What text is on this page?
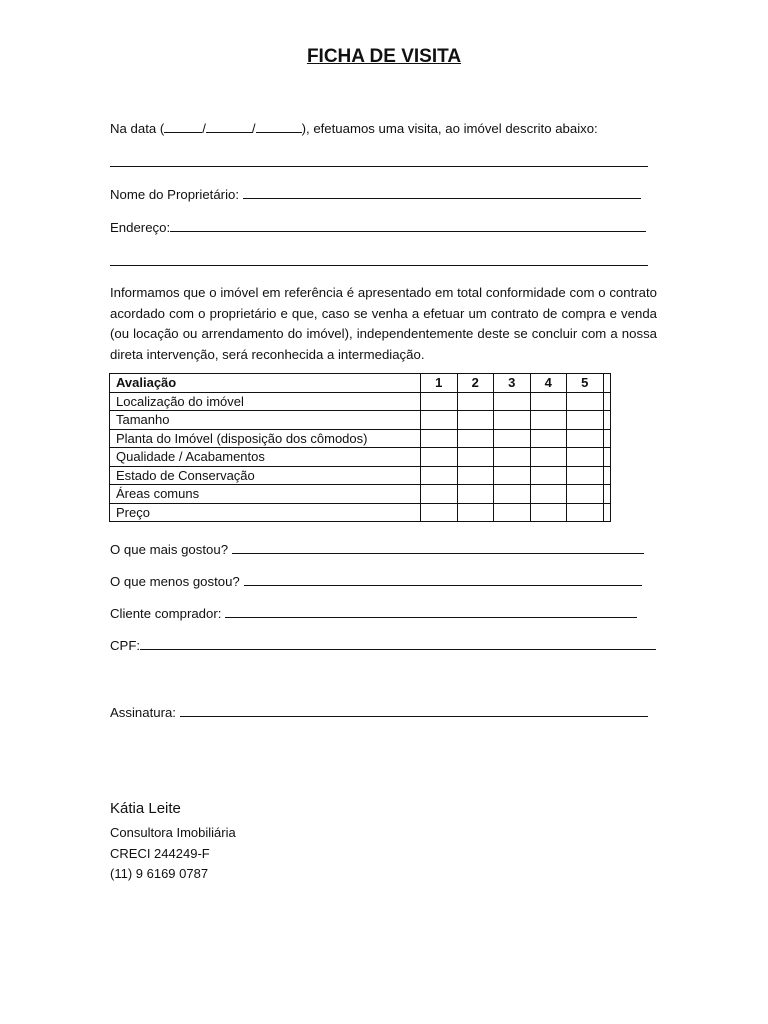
FICHA DE VISITA
Na data (	/	/	), efetuamos uma visita, ao imóvel descrito abaixo:
Nome do Proprietário:
Endereço:
Informamos que o imóvel em referência é apresentado em total conformidade com o contrato acordado com o proprietário e que, caso se venha a efetuar um contrato de compra e venda (ou locação ou arrendamento do imóvel), independentemente deste se concluir com a nossa direta intervenção, será reconhecida a intermediação.
Avaliação	1	2	3	4	5	
Localização do imóvel						
Tamanho						
Planta do Imóvel (disposição dos cômodos)						
Qualidade / Acabamentos						
Estado de Conservação						
Áreas comuns						
Preço						
O que mais gostou?
O que menos gostou?
Cliente comprador:
CPF:
Assinatura:
Kátia Leite
Consultora Imobiliária
CRECI 244249-F
(11) 9 6169 0787
